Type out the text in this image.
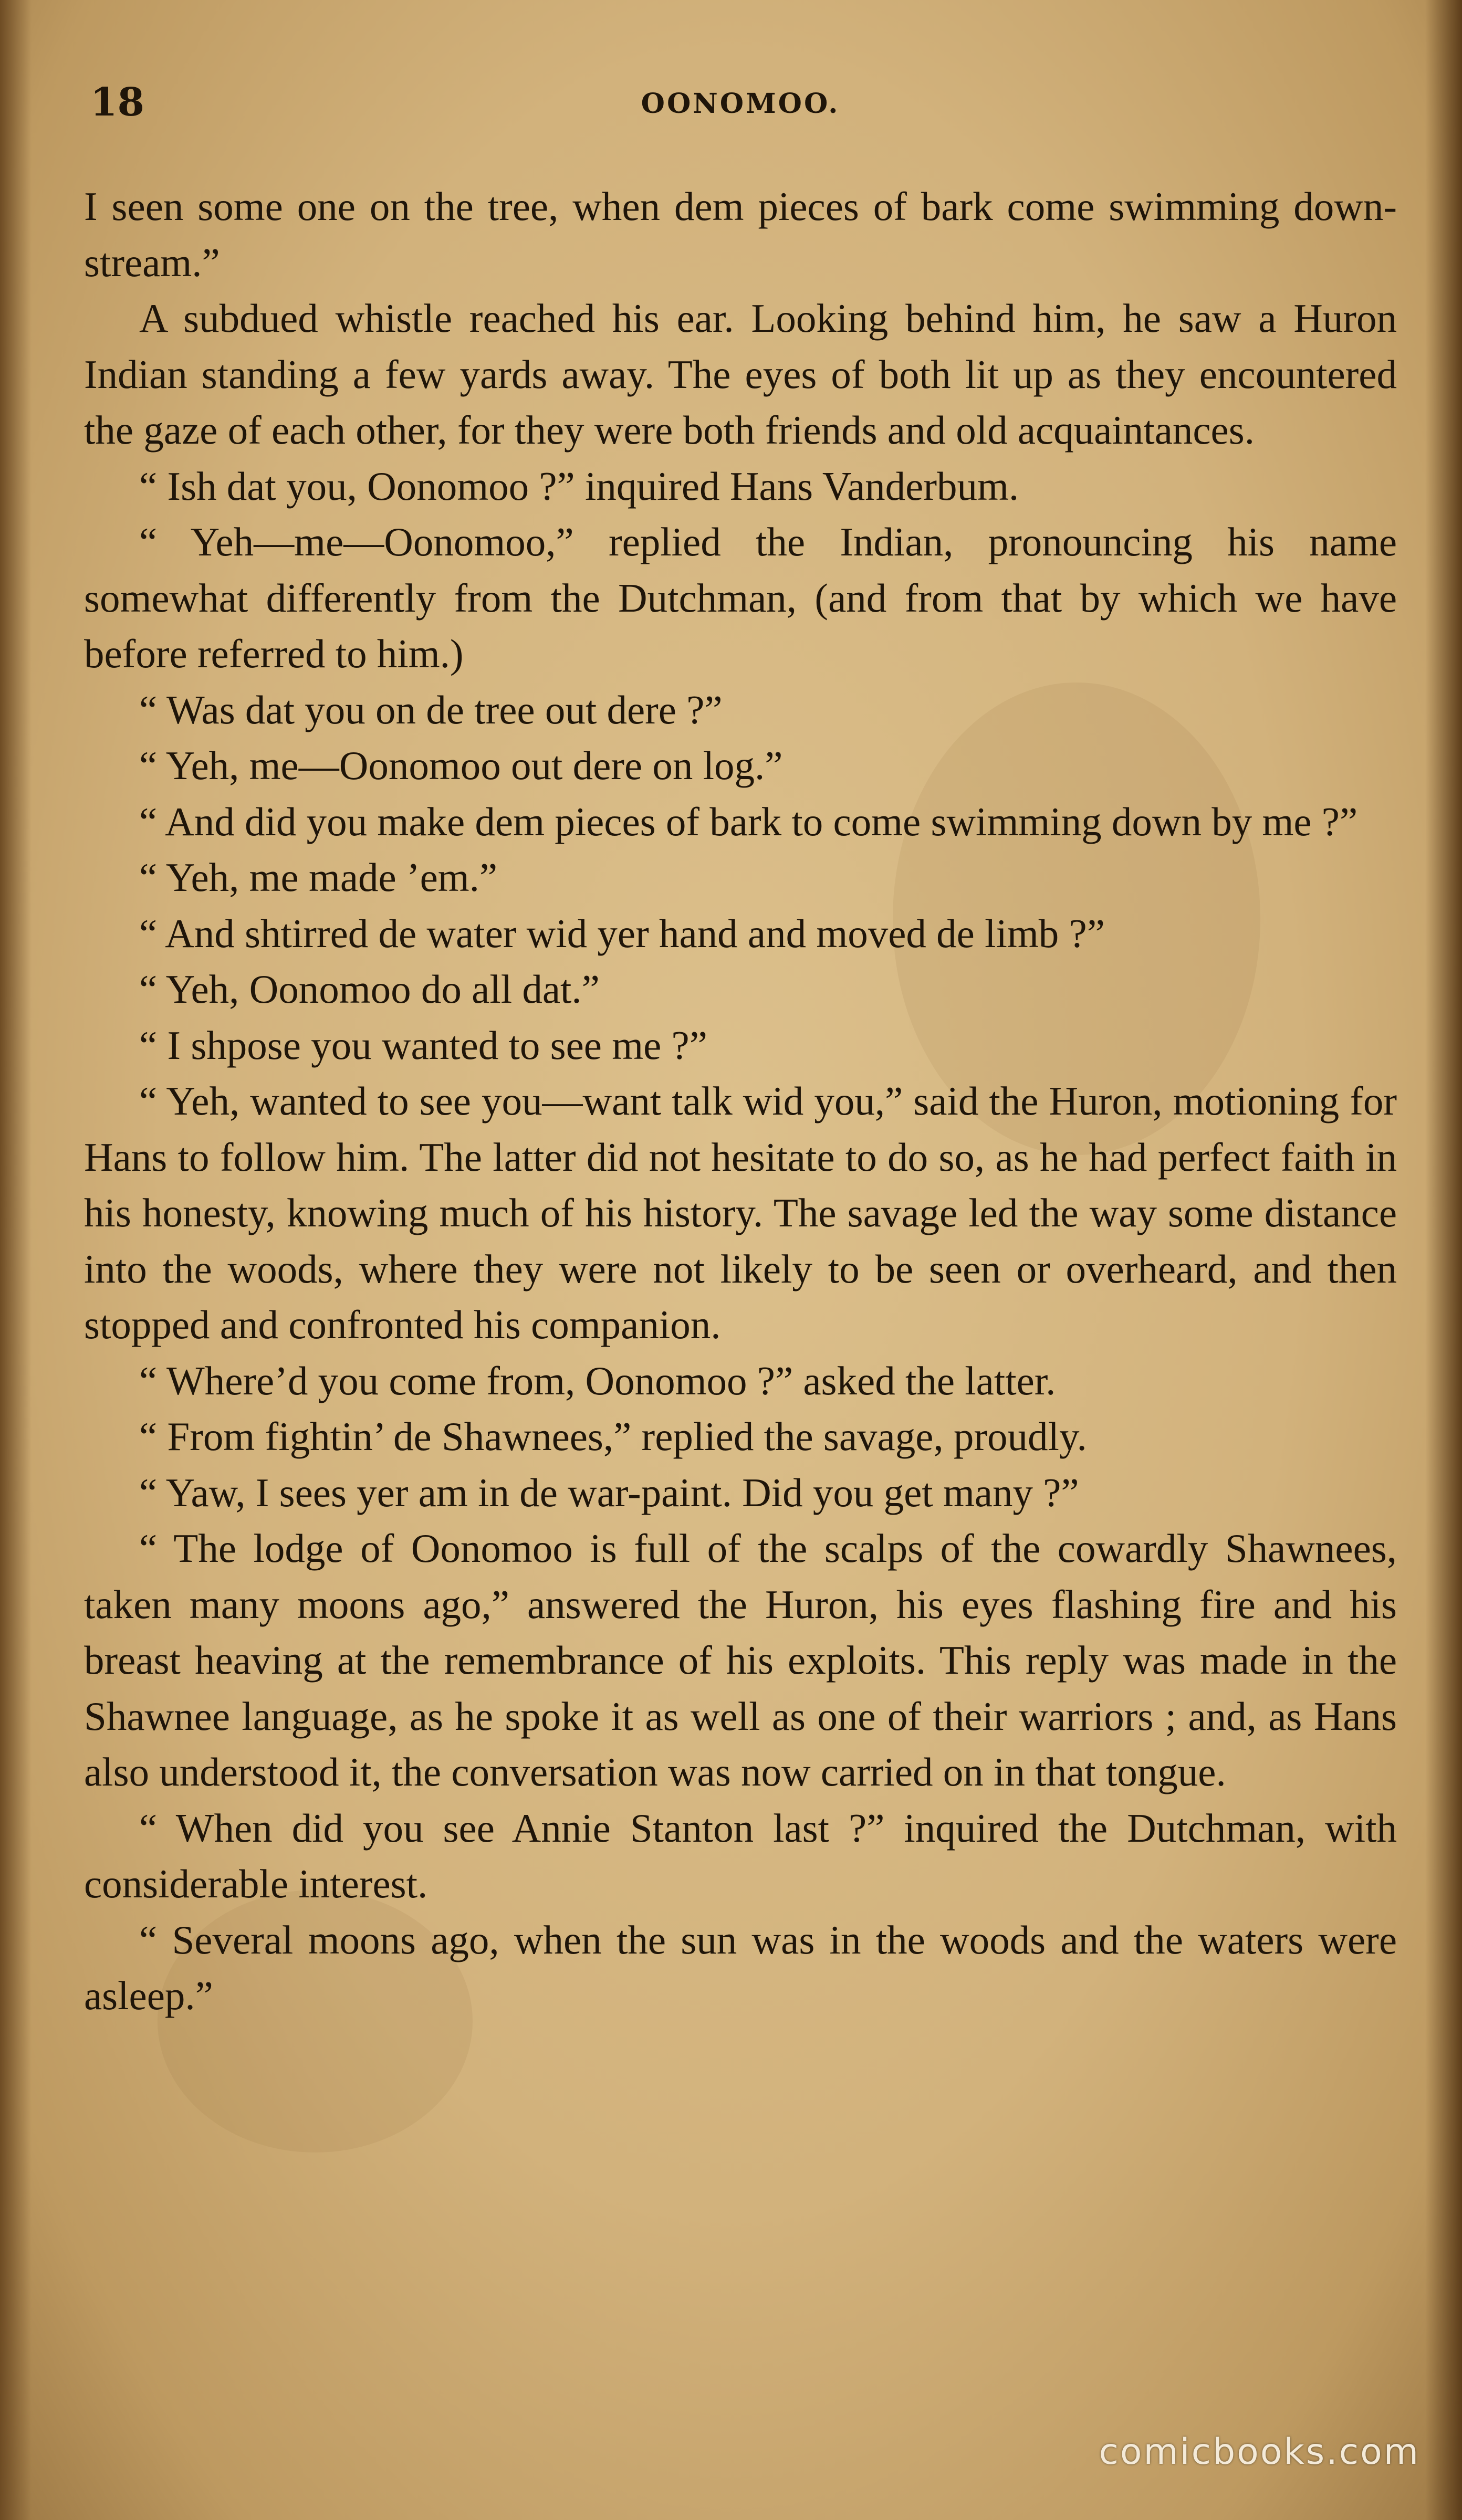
18	OONOMOO.

I seen some one on the tree, when dem pieces of bark come swimming down-stream.”

A subdued whistle reached his ear. Looking behind him, he saw a Huron Indian standing a few yards away. The eyes of both lit up as they encountered the gaze of each other, for they were both friends and old acquaintances.

“ Ish dat you, Oonomoo ?” inquired Hans Vanderbum.

“ Yeh—me—Oonomoo,” replied the Indian, pronouncing his name somewhat differently from the Dutchman, (and from that by which we have before referred to him.)

“ Was dat you on de tree out dere ?”

“ Yeh, me—Oonomoo out dere on log.”

“ And did you make dem pieces of bark to come swimming down by me ?”

“ Yeh, me made ’em.”

“ And shtirred de water wid yer hand and moved de limb ?”

“ Yeh, Oonomoo do all dat.”

“ I shpose you wanted to see me ?”

“ Yeh, wanted to see you—want talk wid you,” said the Huron, motioning for Hans to follow him. The latter did not hesitate to do so, as he had perfect faith in his honesty, knowing much of his history. The savage led the way some distance into the woods, where they were not likely to be seen or overheard, and then stopped and confronted his companion.

“ Where’d you come from, Oonomoo ?” asked the latter.

“ From fightin’ de Shawnees,” replied the savage, proudly.

“ Yaw, I sees yer am in de war-paint. Did you get many ?”

“ The lodge of Oonomoo is full of the scalps of the cowardly Shawnees, taken many moons ago,” answered the Huron, his eyes flashing fire and his breast heaving at the remembrance of his exploits. This reply was made in the Shawnee language, as he spoke it as well as one of their warriors ; and, as Hans also understood it, the conversation was now carried on in that tongue.

“ When did you see Annie Stanton last ?” inquired the Dutchman, with considerable interest.

“ Several moons ago, when the sun was in the woods and the waters were asleep.”

comicbooks.com
